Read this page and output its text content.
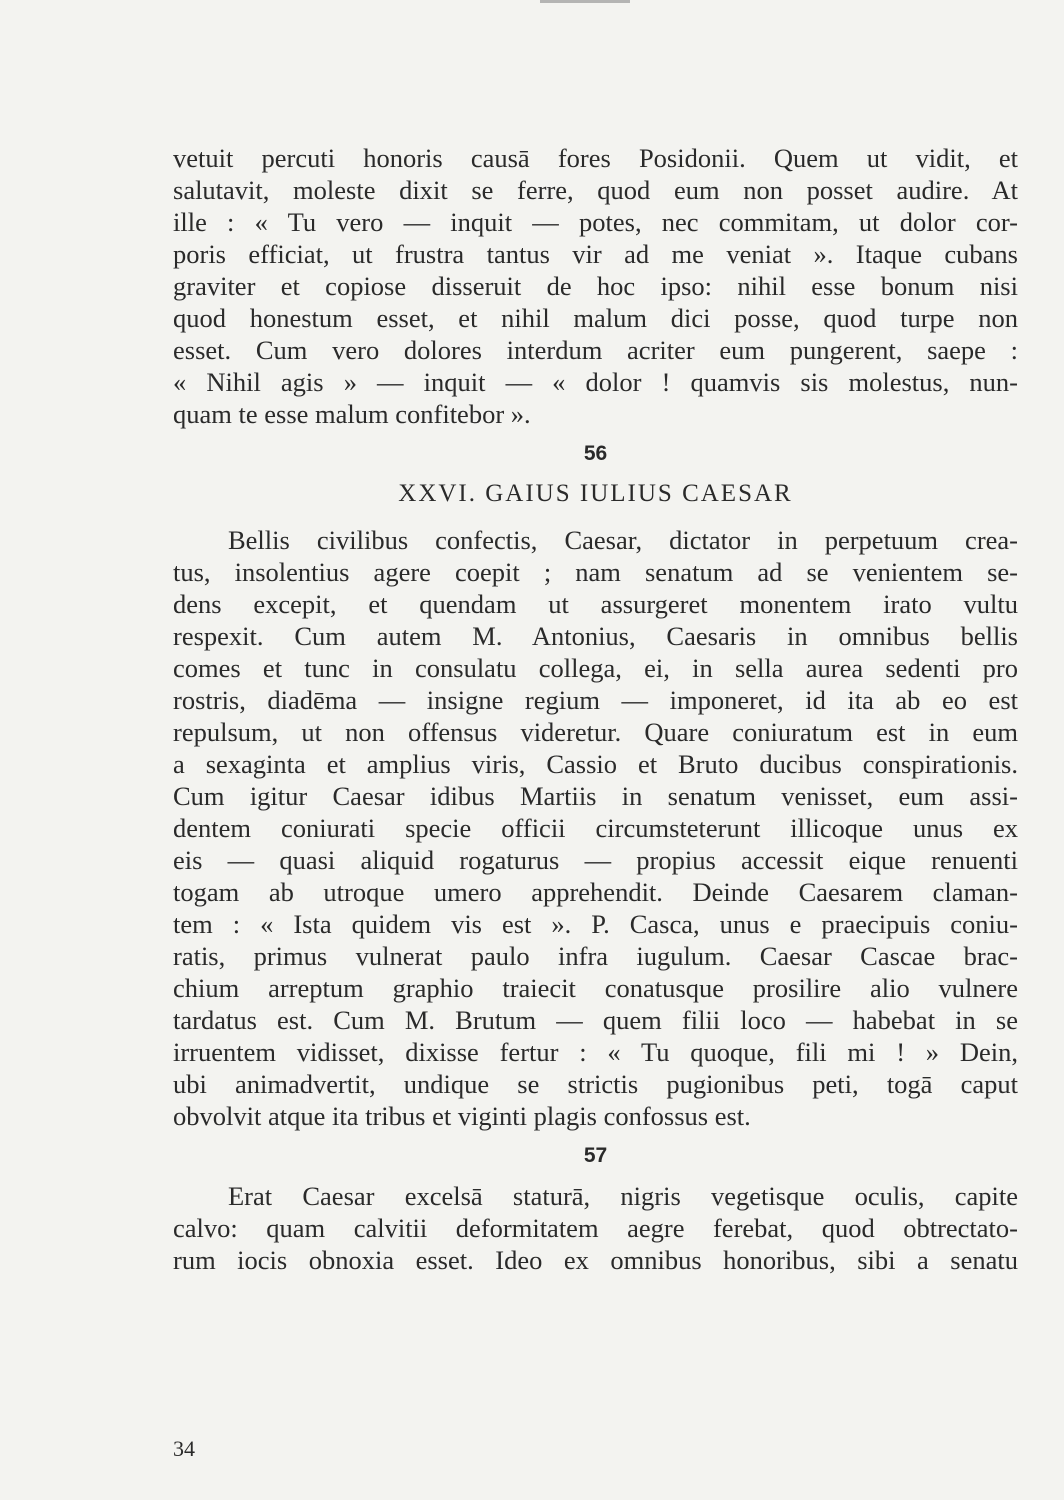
vetuit percuti honoris causā fores Posidonii. Quem ut vidit, et
salutavit, moleste dixit se ferre, quod eum non posset audire. At
ille : « Tu vero — inquit — potes, nec commitam, ut dolor cor-
poris efficiat, ut frustra tantus vir ad me veniat ». Itaque cubans
graviter et copiose disseruit de hoc ipso: nihil esse bonum nisi
quod honestum esset, et nihil malum dici posse, quod turpe non
esset. Cum vero dolores interdum acriter eum pungerent, saepe :
« Nihil agis » — inquit — « dolor ! quamvis sis molestus, nun-
quam te esse malum confitebor ».
56
XXVI. GAIUS IULIUS CAESAR
Bellis civilibus confectis, Caesar, dictator in perpetuum crea-
tus, insolentius agere coepit ; nam senatum ad se venientem se-
dens excepit, et quendam ut assurgeret monentem irato vultu
respexit. Cum autem M. Antonius, Caesaris in omnibus bellis
comes et tunc in consulatu collega, ei, in sella aurea sedenti pro
rostris, diadēma — insigne regium — imponeret, id ita ab eo est
repulsum, ut non offensus videretur. Quare coniuratum est in eum
a sexaginta et amplius viris, Cassio et Bruto ducibus conspirationis.
Cum igitur Caesar idibus Martiis in senatum venisset, eum assi-
dentem coniurati specie officii circumsteterunt illicoque unus ex
eis — quasi aliquid rogaturus — propius accessit eique renuenti
togam ab utroque umero apprehendit. Deinde Caesarem claman-
tem : « Ista quidem vis est ». P. Casca, unus e praecipuis coniu-
ratis, primus vulnerat paulo infra iugulum. Caesar Cascae brac-
chium arreptum graphio traiecit conatusque prosilire alio vulnere
tardatus est. Cum M. Brutum — quem filii loco — habebat in se
irruentem vidisset, dixisse fertur : « Tu quoque, fili mi ! » Dein,
ubi animadvertit, undique se strictis pugionibus peti, togā caput
obvolvit atque ita tribus et viginti plagis confossus est.
57
Erat Caesar excelsā staturā, nigris vegetisque oculis, capite
calvo: quam calvitii deformitatem aegre ferebat, quod obtrectato-
rum iocis obnoxia esset. Ideo ex omnibus honoribus, sibi a senatu
34
